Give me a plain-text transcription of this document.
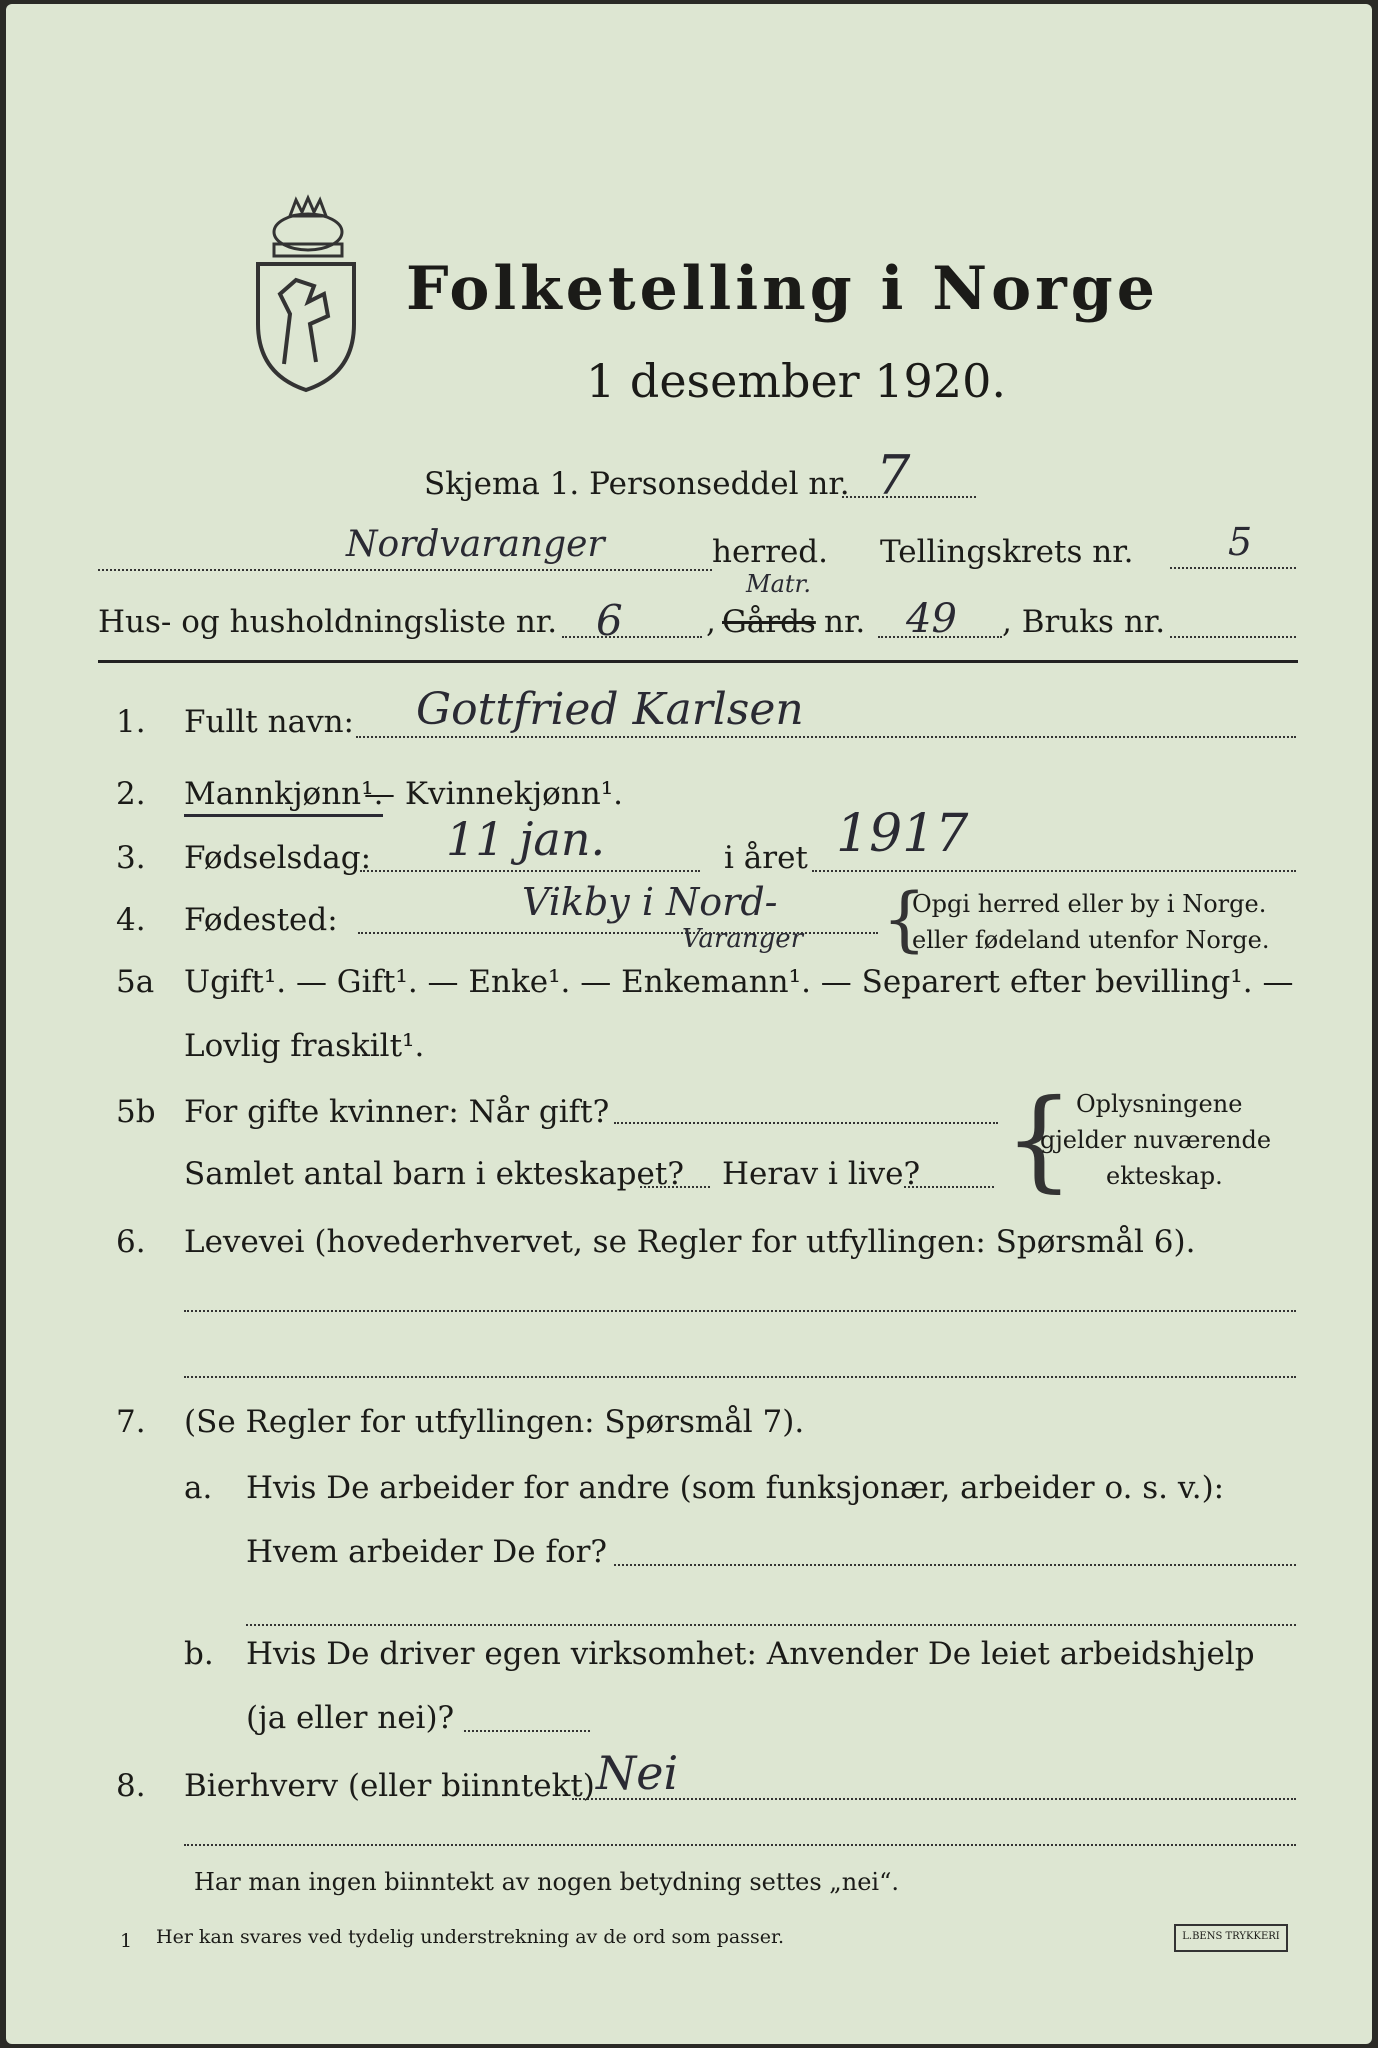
Folketelling i Norge
1 desember 1920.
Skjema 1. Personseddel nr. 7
Nordvaranger	herred. Tellingskrets nr. 5
Hus- og husholdningsliste nr. 6	,
Matr.
Gårds nr. 49 , Bruks nr.
1. Fullt navn: Gottfried Karlsen
2. Mannkjønn¹.
— Kvinnekjønn¹.
3. Fødselsdag: 11 jan.	i året 1917
4. Fødested:	Vikby i Nord-
Varanger {
Opgi herred eller by i Norge.
eller fødeland utenfor Norge.
5a Ugift¹. — Gift¹. — Enke¹. — Enkemann¹. — Separert efter bevilling¹. —
Lovlig fraskilt¹.
5b For gifte kvinner: Når gift?
Samlet antal barn i ekteskapet? Herav i live? { Oplysningene
gjelder nuværende
ekteskap.
6. Levevei (hovederhvervet, se Regler for utfyllingen: Spørsmål 6).
7. (Se Regler for utfyllingen: Spørsmål 7).
a. Hvis De arbeider for andre (som funksjonær, arbeider o. s. v.):
Hvem arbeider De for?
b. Hvis De driver egen virksomhet: Anvender De leiet arbeidshjelp
(ja eller nei)?
8. Bierhverv (eller biinntekt) Nei
Har man ingen biinntekt av nogen betydning settes „nei“.
1 Her kan svares ved tydelig understrekning av de ord som passer.	L.BENS TRYKKERI
